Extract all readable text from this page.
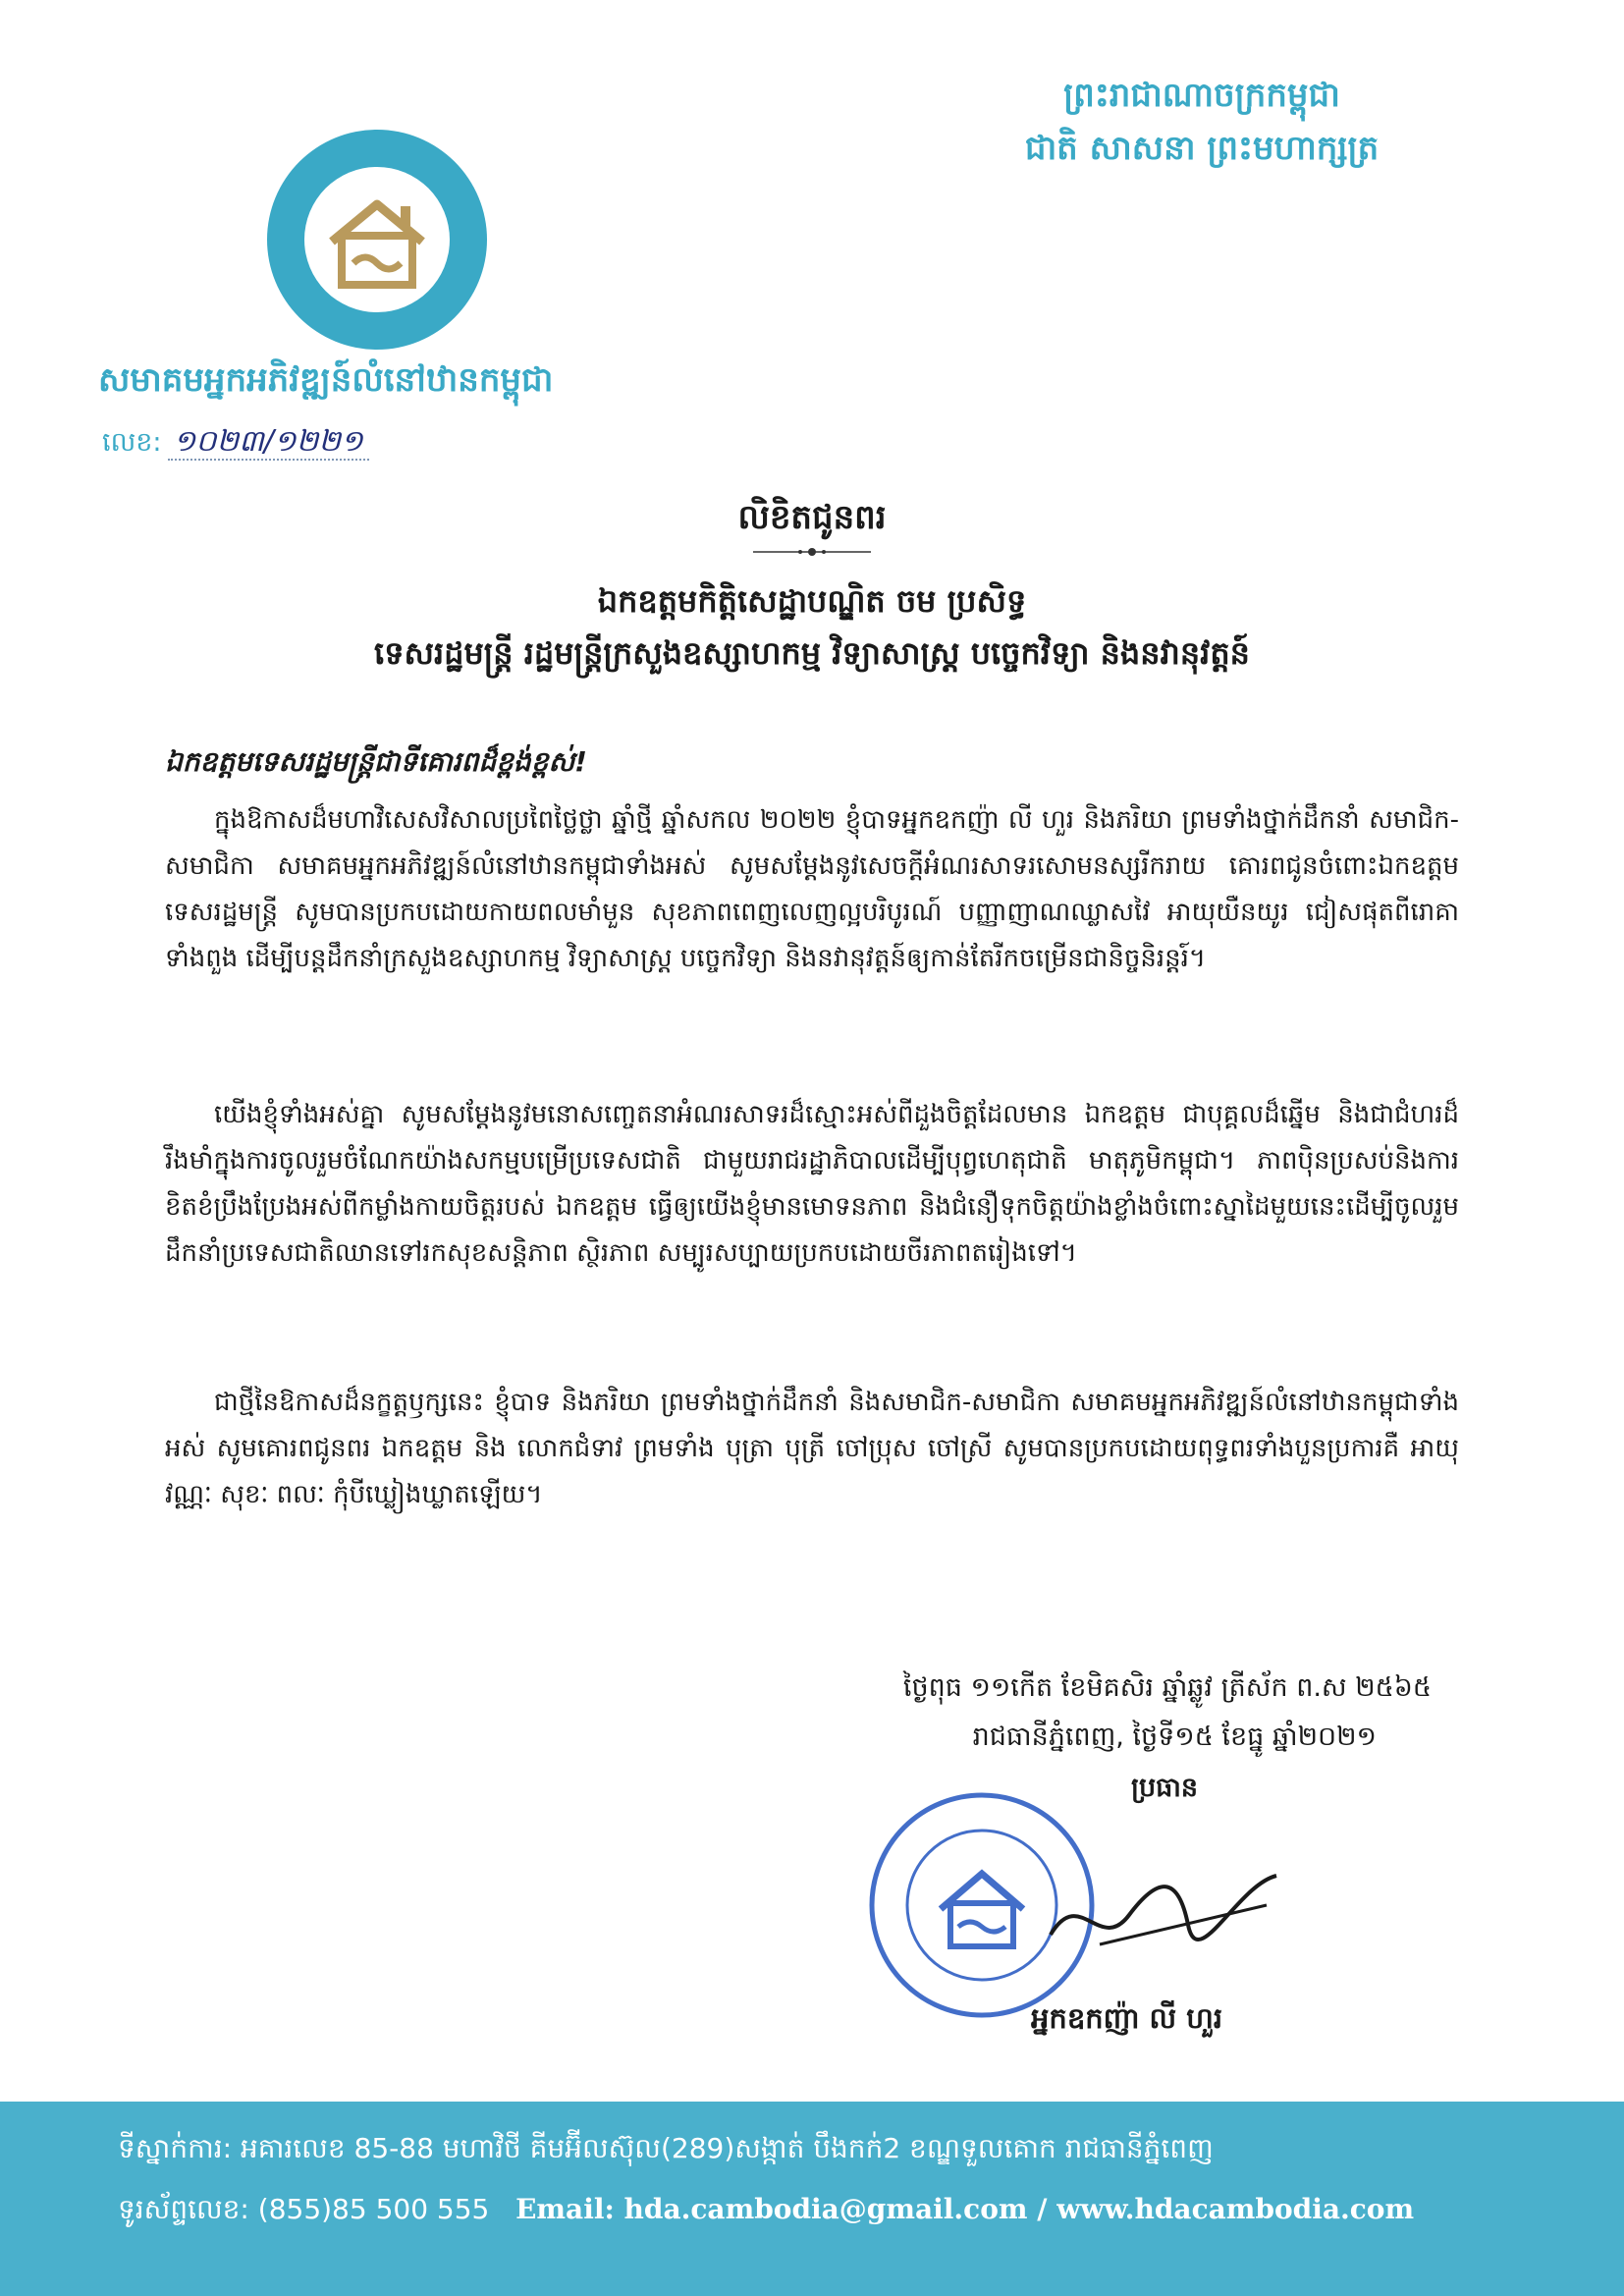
ព្រះរាជាណាចក្រកម្ពុជា
ជាតិ សាសនា ព្រះមហាក្សត្រ
សមាគមអ្នកអភិវឌ្ឍន៍លំនៅឋានកម្ពុជា
លេខ: ១០២៣/១២២១
លិខិតជូនពរ
ឯកឧត្តមកិត្តិសេដ្ឋាបណ្ឌិត ចម ប្រសិទ្ធ
ទេសរដ្ឋមន្ត្រី រដ្ឋមន្ត្រីក្រសួងឧស្សាហកម្ម វិទ្យាសាស្ត្រ បច្ចេកវិទ្យា និងនវានុវត្តន៍
ឯកឧត្តមទេសរដ្ឋមន្ត្រីជាទីគោរពដ៏ខ្ពង់ខ្ពស់!
ក្នុងឱកាសដ៏មហាវិសេសវិសាលប្រពៃថ្លៃថ្លា ឆ្នាំថ្មី ឆ្នាំសកល ២០២២ ខ្ញុំបាទអ្នកឧកញ៉ា លី ហួរ និងភរិយា ព្រមទាំងថ្នាក់ដឹកនាំ សមាជិក-សមាជិកា សមាគមអ្នកអភិវឌ្ឍន៍លំនៅឋានកម្ពុជាទាំងអស់ សូមសម្ដែងនូវសេចក្ដីអំណរសាទរសោមនស្សរីករាយ គោរពជូនចំពោះឯកឧត្តមទេសរដ្ឋមន្ត្រី សូមបានប្រកបដោយកាយពលមាំមួន សុខភាពពេញលេញល្អបរិបូរណ៍ បញ្ញាញាណឈ្លាសវៃ អាយុយឺនយូរ ជៀសផុតពីរោគាទាំងពួង ដើម្បីបន្តដឹកនាំក្រសួងឧស្សាហកម្ម វិទ្យាសាស្ត្រ បច្ចេកវិទ្យា និងនវានុវត្តន៍ឲ្យកាន់តែរីកចម្រើនជានិច្ចនិរន្តរ៍។
យើងខ្ញុំទាំងអស់គ្នា សូមសម្ដែងនូវមនោសញ្ចេតនាអំណរសាទរដ៏ស្មោះអស់ពីដួងចិត្តដែលមាន ឯកឧត្តម ជាបុគ្គលដ៏ឆ្នើម និងជាជំហរដ៏រឹងមាំក្នុងការចូលរួមចំណែកយ៉ាងសកម្មបម្រើប្រទេសជាតិ ជាមួយរាជរដ្ឋាភិបាលដើម្បីបុព្វហេតុជាតិ មាតុភូមិកម្ពុជា។ ភាពប៉ិនប្រសប់និងការខិតខំប្រឹងប្រែងអស់ពីកម្លាំងកាយចិត្តរបស់ ឯកឧត្តម ធ្វើឲ្យយើងខ្ញុំមានមោទនភាព និងជំនឿទុកចិត្តយ៉ាងខ្លាំងចំពោះស្នាដៃមួយនេះដើម្បីចូលរួមដឹកនាំប្រទេសជាតិឈានទៅរកសុខសន្តិភាព ស្ថិរភាព សម្បូរសប្បាយប្រកបដោយចីរភាពតរៀងទៅ។
ជាថ្មីនៃឱកាសដ៏នក្ខត្តឫក្សនេះ ខ្ញុំបាទ និងភរិយា ព្រមទាំងថ្នាក់ដឹកនាំ និងសមាជិក-សមាជិកា សមាគមអ្នកអភិវឌ្ឍន៍លំនៅឋានកម្ពុជាទាំងអស់ សូមគោរពជូនពរ ឯកឧត្តម និង លោកជំទាវ ព្រមទាំង បុត្រា បុត្រី ចៅប្រុស ចៅស្រី សូមបានប្រកបដោយពុទ្ធពរទាំងបួនប្រការគឺ អាយុ វណ្ណៈ សុខៈ ពលៈ កុំបីឃ្លៀងឃ្លាតឡើយ។
ថ្ងៃពុធ ១១កើត ខែមិគសិរ ឆ្នាំឆ្លូវ ត្រីស័ក ព.ស ២៥៦៥
រាជធានីភ្នំពេញ, ថ្ងៃទី១៥ ខែធ្នូ ឆ្នាំ២០២១
ប្រធាន
អ្នកឧកញ៉ា លី ហួរ
ទីស្នាក់ការ: អគារលេខ 85-88 មហាវិថី គីមអ៊ីលស៊ុល(289)សង្កាត់ បឹងកក់2 ខណ្ឌទួលគោក រាជធានីភ្នំពេញ
ទូរស័ព្ទលេខ: (855)85 500 555 Email: hda.cambodia@gmail.com / www.hdacambodia.com
